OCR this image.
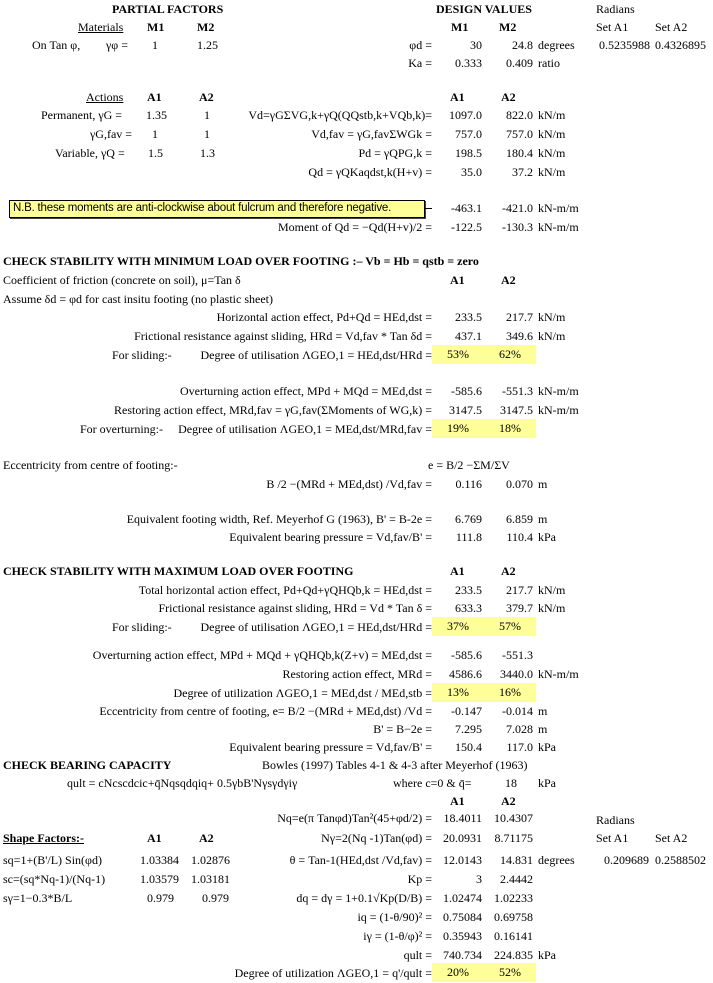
PARTIAL FACTORS
Materials M1	M2
On Tan φ, γφ = 1	1.25
Actions A1	A2
Permanent, γG = 1.35	1
γG,fav = 1	1
Variable, γQ = 1.5	1.3
DESIGN VALUES
M1	M2
φd =	30	24.8 degrees
Ka = 0.333 0.409 ratio
A1	A2
Vd=γGΣVG,k+γQ(QQstb,k+VQb,k)= 1097.0 822.0 kN/m
Vd,fav = γG,favΣWGk = 757.0 757.0 kN/m
Pd = γQPG,k = 198.5 180.4 kN/m
Qd = γQKaqdst,k(H+v) = 35.0	37.2 kN/m
N.B. these moments are anti-clockwise about fulcrum and therefore negative.	-463.1 -421.0 kN-m/m
Moment of Qd = −Qd(H+v)/2 = -122.5 -130.3 kN-m/m
Radians
Set A1 Set A2
0.5235988 0.4326895
CHECK STABILITY WITH MINIMUM LOAD OVER FOOTING :– Vb = Hb = qstb = zero
Coefficient of friction (concrete on soil), μ=Tan δ	A1	A2
Assume δd = φd for cast insitu footing (no plastic sheet)
Horizontal action effect, Pd+Qd = HEd,dst = 233.5 217.7 kN/m
Frictional resistance against sliding, HRd = Vd,fav * Tan δd = 437.1 349.6 kN/m
For sliding:- Degree of utilisation ΛGEO,1 = HEd,dst/HRd =	53%	62%
Overturning action effect, MPd + MQd = MEd,dst = -585.6 -551.3 kN-m/m
Restoring action effect, MRd,fav = γG,fav(ΣMoments of WG,k) = 3147.5 3147.5 kN-m/m
For overturning:- Degree of utilisation ΛGEO,1 = MEd,dst/MRd,fav =	19%	18%
Eccentricity from centre of footing:-	e = B/2 −ΣM/ΣV
B /2 −(MRd + MEd,dst) /Vd,fav = 0.116 0.070 m
Equivalent footing width, Ref. Meyerhof G (1963), B' = B-2e = 6.769 6.859 m
Equivalent bearing pressure = Vd,fav/B' = 111.8 110.4 kPa
CHECK STABILITY WITH MAXIMUM LOAD OVER FOOTING	A1	A2
Total horizontal action effect, Pd+Qd+γQHQb,k = HEd,dst = 233.5 217.7 kN/m
Frictional resistance against sliding, HRd = Vd * Tan δ = 633.3 379.7 kN/m
For sliding:- Degree of utilisation ΛGEO,1 = HEd,dst/HRd =	37%	57%
Overturning action effect, MPd + MQd + γQHQb,k(Z+v) = MEd,dst = -585.6 -551.3
Restoring action effect, MRd = 4586.6 3440.0 kN-m/m
Degree of utilization ΛGEO,1 = MEd,dst / MEd,stb =	13%	16%
Eccentricity from centre of footing, e= B/2 −(MRd + MEd,dst) /Vd = -0.147 -0.014 m
B' = B−2e = 7.295 7.028 m
Equivalent bearing pressure = Vd,fav/B' = 150.4 117.0 kPa
CHECK BEARING CAPACITY	Bowles (1997) Tables 4-1 & 4-3 after Meyerhof (1963)
qult = cNcscdcic+q̄Nqsqdqiq+ 0.5γbB'Nγsγdγiγ	where c=0 & q̄=	18 kPa
A1	A2
Nq=e(π Tanφd)Tan²(45+φd/2) = 18.4011 10.4307
Nγ=2(Nq -1)Tan(φd) = 20.0931 8.71175
θ = Tan-1(HEd,dst /Vd,fav) = 12.0143 14.831 degrees
Kp =	3 2.4442
dq = dγ = 1+0.1√Kp(D/B) = 1.02474 1.02233
iq = (1-θ/90)² = 0.75084 0.69758
iγ = (1-θ/φ)² = 0.35943 0.16141
qult = 740.734 224.835 kPa
Degree of utilization ΛGEO,1 = q'/qult =	20%	52%
Shape Factors:-	A1	A2
sq=1+(B'/L) Sin(φd)	1.03384 1.02876
sc=(sq*Nq-1)/(Nq-1)	1.03579 1.03181
sγ=1−0.3*B/L	0.979 0.979
Radians
Set A1 Set A2
0.209689 0.2588502
